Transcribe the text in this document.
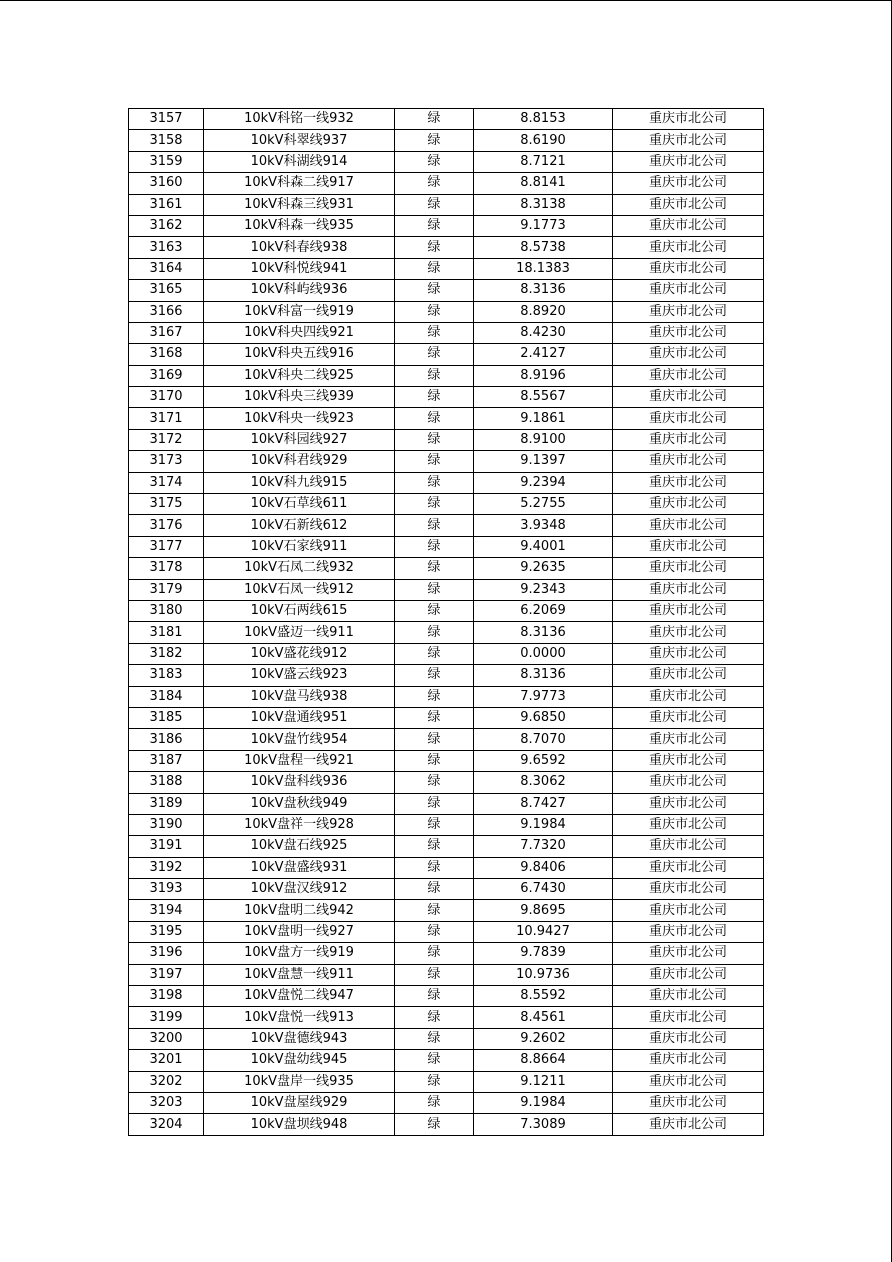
3157	10kV科铭一线932	绿	8.8153	重庆市北公司
3158	10kV科翠线937	绿	8.6190	重庆市北公司
3159	10kV科湖线914	绿	8.7121	重庆市北公司
3160	10kV科森二线917	绿	8.8141	重庆市北公司
3161	10kV科森三线931	绿	8.3138	重庆市北公司
3162	10kV科森一线935	绿	9.1773	重庆市北公司
3163	10kV科春线938	绿	8.5738	重庆市北公司
3164	10kV科悦线941	绿	18.1383	重庆市北公司
3165	10kV科屿线936	绿	8.3136	重庆市北公司
3166	10kV科富一线919	绿	8.8920	重庆市北公司
3167	10kV科央四线921	绿	8.4230	重庆市北公司
3168	10kV科央五线916	绿	2.4127	重庆市北公司
3169	10kV科央二线925	绿	8.9196	重庆市北公司
3170	10kV科央三线939	绿	8.5567	重庆市北公司
3171	10kV科央一线923	绿	9.1861	重庆市北公司
3172	10kV科园线927	绿	8.9100	重庆市北公司
3173	10kV科君线929	绿	9.1397	重庆市北公司
3174	10kV科九线915	绿	9.2394	重庆市北公司
3175	10kV石草线611	绿	5.2755	重庆市北公司
3176	10kV石新线612	绿	3.9348	重庆市北公司
3177	10kV石家线911	绿	9.4001	重庆市北公司
3178	10kV石凤二线932	绿	9.2635	重庆市北公司
3179	10kV石凤一线912	绿	9.2343	重庆市北公司
3180	10kV石两线615	绿	6.2069	重庆市北公司
3181	10kV盛迈一线911	绿	8.3136	重庆市北公司
3182	10kV盛花线912	绿	0.0000	重庆市北公司
3183	10kV盛云线923	绿	8.3136	重庆市北公司
3184	10kV盘马线938	绿	7.9773	重庆市北公司
3185	10kV盘通线951	绿	9.6850	重庆市北公司
3186	10kV盘竹线954	绿	8.7070	重庆市北公司
3187	10kV盘程一线921	绿	9.6592	重庆市北公司
3188	10kV盘科线936	绿	8.3062	重庆市北公司
3189	10kV盘秋线949	绿	8.7427	重庆市北公司
3190	10kV盘祥一线928	绿	9.1984	重庆市北公司
3191	10kV盘石线925	绿	7.7320	重庆市北公司
3192	10kV盘盛线931	绿	9.8406	重庆市北公司
3193	10kV盘汉线912	绿	6.7430	重庆市北公司
3194	10kV盘明二线942	绿	9.8695	重庆市北公司
3195	10kV盘明一线927	绿	10.9427	重庆市北公司
3196	10kV盘方一线919	绿	9.7839	重庆市北公司
3197	10kV盘慧一线911	绿	10.9736	重庆市北公司
3198	10kV盘悦二线947	绿	8.5592	重庆市北公司
3199	10kV盘悦一线913	绿	8.4561	重庆市北公司
3200	10kV盘德线943	绿	9.2602	重庆市北公司
3201	10kV盘幼线945	绿	8.8664	重庆市北公司
3202	10kV盘岸一线935	绿	9.1211	重庆市北公司
3203	10kV盘屋线929	绿	9.1984	重庆市北公司
3204	10kV盘坝线948	绿	7.3089	重庆市北公司
